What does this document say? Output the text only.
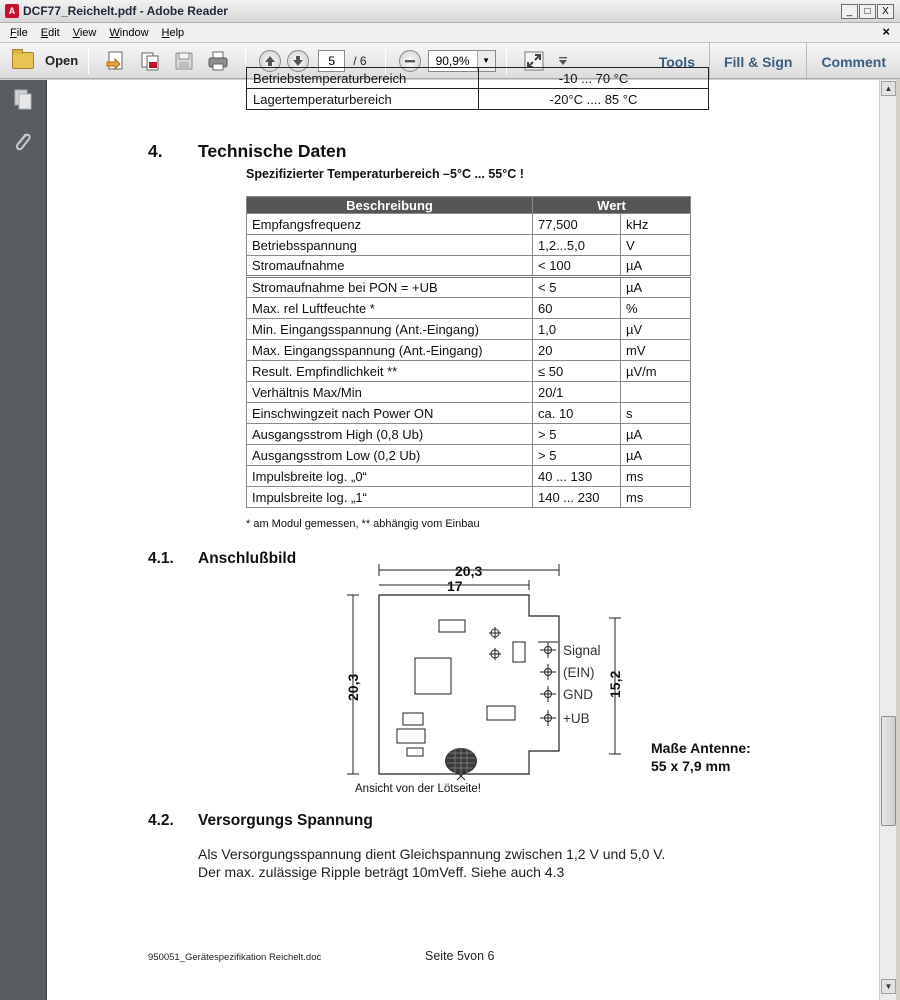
A DCF77_Reichelt.pdf - Adobe Reader	_	□	X
File	Edit	View	Window	Help	×
Open	5	/ 6	90,9%	▼	Tools	Fill & Sign	Comment
Betriebstemperaturbereich	-10 ... 70 °C
Lagertemperaturbereich	-20°C .... 85 °C
4. Technische Daten
Spezifizierter Temperaturbereich –5°C ... 55°C !
Beschreibung	Wert	
Empfangsfrequenz	77,500	kHz
Betriebsspannung	1,2...5,0	V
Stromaufnahme	< 100	µA
Stromaufnahme bei PON = +UB	< 5	µA
Max. rel Luftfeuchte *	60	%
Min. Eingangsspannung (Ant.-Eingang)	1,0	µV
Max. Eingangsspannung (Ant.-Eingang)	20	mV
Result. Empfindlichkeit **	≤ 50	µV/m
Verhältnis Max/Min	20/1	
Einschwingzeit nach Power ON	ca. 10	s
Ausgangsstrom High (0,8 Ub)	> 5	µA
Ausgangsstrom Low (0,2 Ub)	> 5	µA
Impulsbreite log. „0“	40 ... 130	ms
Impulsbreite log. „1“	140 ... 230	ms
* am Modul gemessen, ** abhängig vom Einbau
4.1. Anschlußbild
20,3
17
20,3	15,2
Signal
(EIN)
GND
+UB
Ansicht von der Lötseite!
Maße Antenne:
55 x 7,9 mm
4.2. Versorgungs Spannung
Als Versorgungsspannung dient Gleichspannung zwischen 1,2 V und 5,0 V.
Der max. zulässige Ripple beträgt 10mVeff. Siehe auch 4.3
950051_Gerätespezifikation Reichelt.doc	Seite 5von 6
▲
▼
